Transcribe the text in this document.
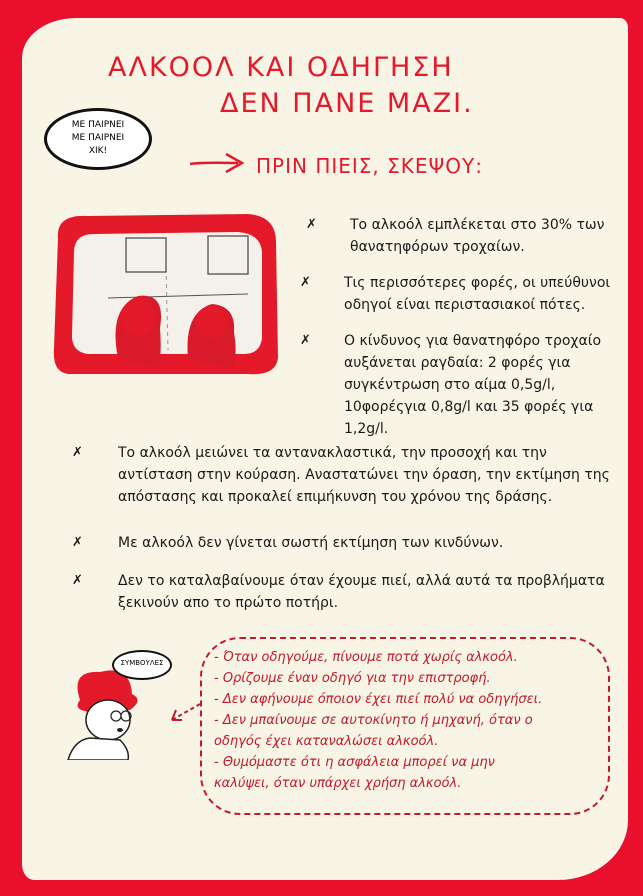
ΑΛΚΟΟΛ ΚΑΙ ΟΔΗΓΗΣΗ
ΔΕΝ ΠΑΝΕ ΜΑΖΙ.
ΜΕ ΠΑΙΡΝΕΙ
ΜΕ ΠΑΙΡΝΕΙ
ΧΙΚ!
ΠΡΙΝ ΠΙΕΙΣ, ΣΚΕΨΟΥ:
✗	Το αλκοόλ εμπλέκεται στο 30% των θανατηφόρων τροχαίων.
✗	Τις περισσότερες φορές, οι υπεύθυνοι οδηγοί είναι περιστασιακοί πότες.
✗	Ο κίνδυνος για θανατηφόρο τροχαίο αυξάνεται ραγδαία: 2 φορές για συγκέντρωση στο αίμα 0,5g/l, 10φορέςγια 0,8g/l και 35 φορές για 1,2g/l.
✗	Το αλκοόλ μειώνει τα αντανακλαστικά, την προσοχή και την αντίσταση στην κούραση. Αναστατώνει την όραση, την εκτίμηση της απόστασης και προκαλεί επιμήκυνση του χρόνου της δράσης.
✗	Με αλκοόλ δεν γίνεται σωστή εκτίμηση των κινδύνων.
✗	Δεν το καταλαβαίνουμε όταν έχουμε πιεί, αλλά αυτά τα προβλήματα ξεκινούν απο το πρώτο ποτήρι.
ΣΥΜΒΟΥΛΕΣ	- Όταν οδηγούμε, πίνουμε ποτά χωρίς αλκοόλ.
- Ορίζουμε έναν οδηγό για την επιστροφή.
- Δεν αφήνουμε όποιον έχει πιεί πολύ να οδηγήσει.
- Δεν μπαίνουμε σε αυτοκίνητο ή μηχανή, όταν ο
οδηγός έχει καταναλώσει αλκοόλ.
- Θυμόμαστε ότι η ασφάλεια μπορεί να μην
καλύψει, όταν υπάρχει χρήση αλκοόλ.
